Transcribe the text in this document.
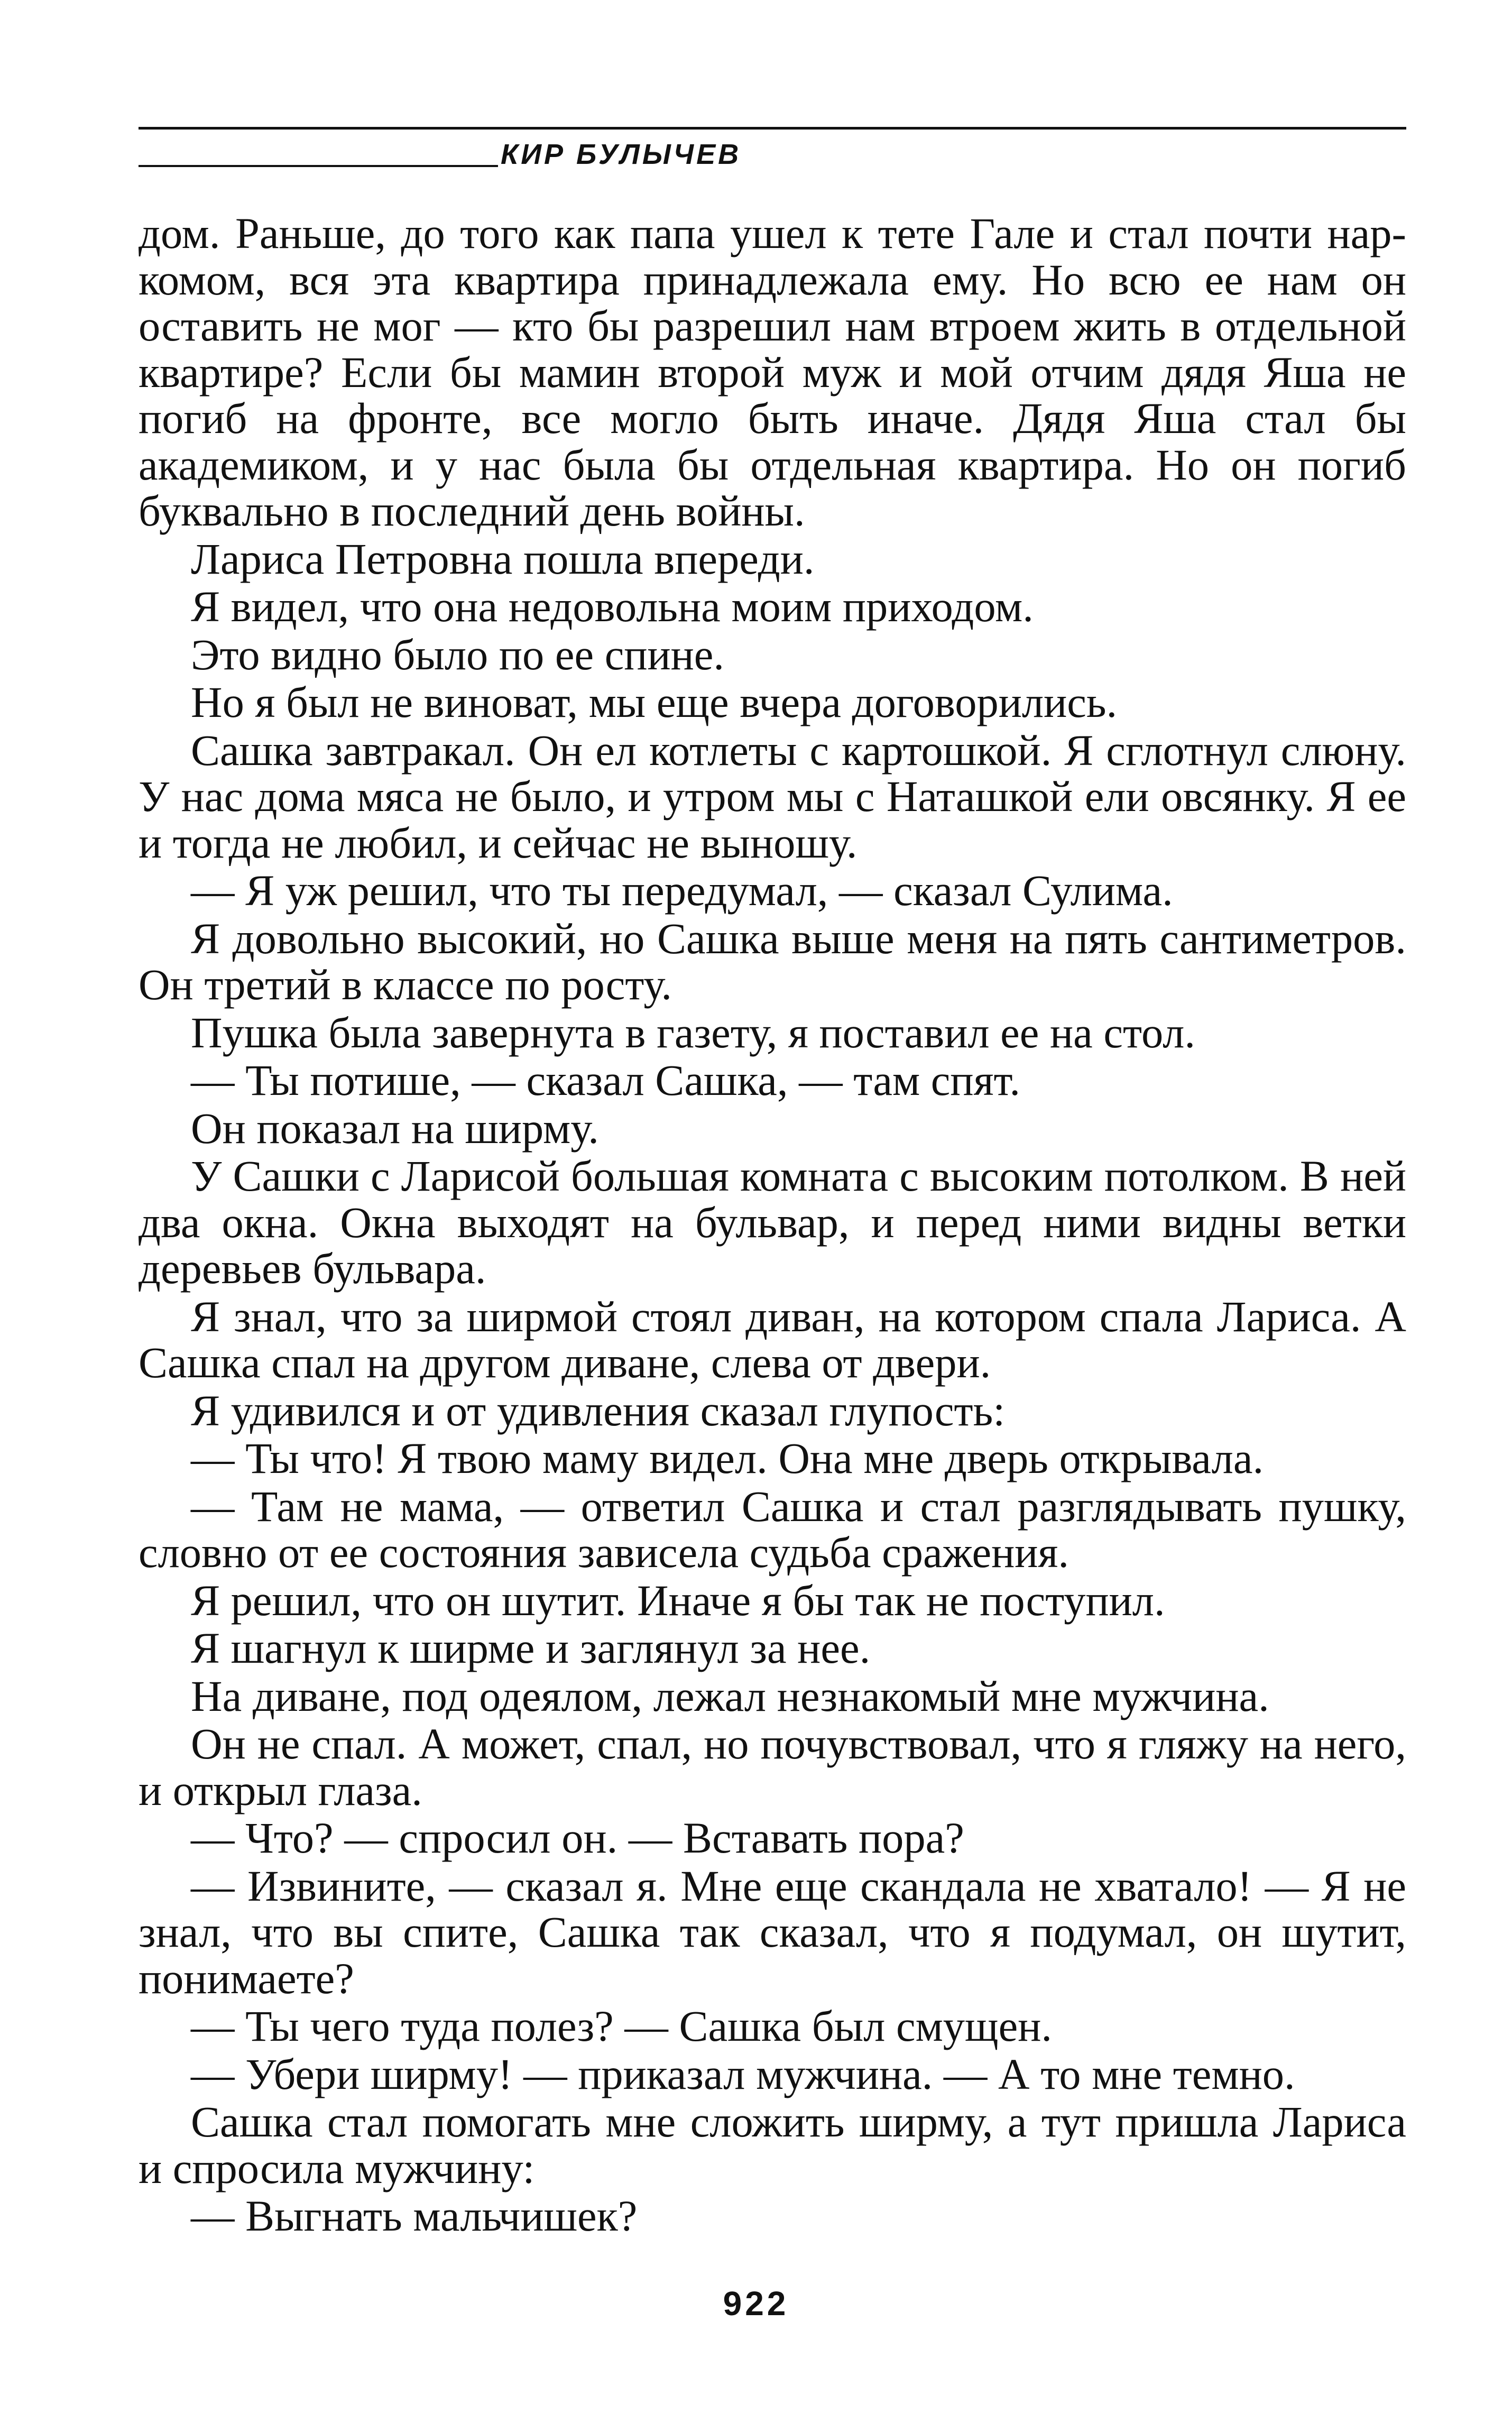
КИР БУЛЫЧЕВ

дом. Раньше, до того как папа ушел к тете Гале и стал почти наркомом, вся эта квартира принадлежала ему. Но всю ее нам он оставить не мог — кто бы разрешил нам втроем жить в отдельной квартире? Если бы мамин второй муж и мой отчим дядя Яша не погиб на фронте, все могло быть иначе. Дядя Яша стал бы академиком, и у нас была бы отдельная квартира. Но он погиб буквально в последний день войны.

Лариса Петровна пошла впереди.

Я видел, что она недовольна моим приходом.

Это видно было по ее спине.

Но я был не виноват, мы еще вчера договорились.

Сашка завтракал. Он ел котлеты с картошкой. Я сглотнул слюну. У нас дома мяса не было, и утром мы с Наташкой ели овсянку. Я ее и тогда не любил, и сейчас не выношу.

— Я уж решил, что ты передумал, — сказал Сулима.

Я довольно высокий, но Сашка выше меня на пять сантиметров. Он третий в классе по росту.

Пушка была завернута в газету, я поставил ее на стол.

— Ты потише, — сказал Сашка, — там спят.

Он показал на ширму.

У Сашки с Ларисой большая комната с высоким потолком. В ней два окна. Окна выходят на бульвар, и перед ними видны ветки деревьев бульвара.

Я знал, что за ширмой стоял диван, на котором спала Лариса. А Сашка спал на другом диване, слева от двери.

Я удивился и от удивления сказал глупость:

— Ты что! Я твою маму видел. Она мне дверь открывала.

— Там не мама, — ответил Сашка и стал разглядывать пушку, словно от ее состояния зависела судьба сражения.

Я решил, что он шутит. Иначе я бы так не поступил.

Я шагнул к ширме и заглянул за нее.

На диване, под одеялом, лежал незнакомый мне мужчина.

Он не спал. А может, спал, но почувствовал, что я гляжу на него, и открыл глаза.

— Что? — спросил он. — Вставать пора?

— Извините, — сказал я. Мне еще скандала не хватало! — Я не знал, что вы спите, Сашка так сказал, что я подумал, он шутит, понимаете?

— Ты чего туда полез? — Сашка был смущен.

— Убери ширму! — приказал мужчина. — А то мне темно.

Сашка стал помогать мне сложить ширму, а тут пришла Лариса и спросила мужчину:

— Выгнать мальчишек?

922
